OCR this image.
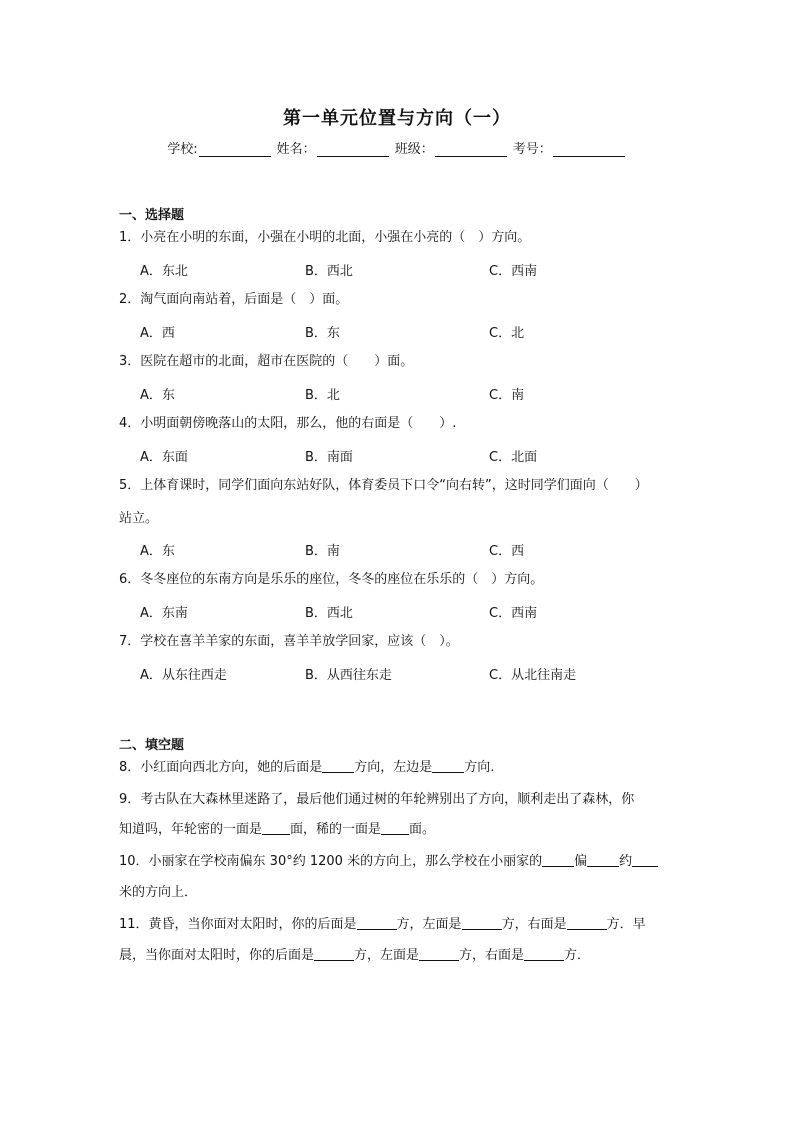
第一单元位置与方向（一）
学校:	姓名：	班级：	考号：
一、选择题
1．小亮在小明的东面，小强在小明的北面，小强在小亮的（　）方向。
A．东北	B．西北	C．西南
2．淘气面向南站着，后面是（　）面。
A．西	B．东	C．北
3．医院在超市的北面，超市在医院的（　　）面。
A．东	B．北	C．南
4．小明面朝傍晚落山的太阳，那么，他的右面是（　　）.
A．东面	B．南面	C．北面
5．上体育课时，同学们面向东站好队，体育委员下口令“向右转”，这时同学们面向（　　）
站立。
A．东	B．南	C．西
6．冬冬座位的东南方向是乐乐的座位，冬冬的座位在乐乐的（　）方向。
A．东南	B．西北	C．西南
7．学校在喜羊羊家的东面，喜羊羊放学回家，应该（　）。
A．从东往西走	B．从西往东走	C．从北往南走
二、填空题
8．小红面向西北方向，她的后面是 方向，左边是 方向.
9．考古队在大森林里迷路了，最后他们通过树的年轮辨别出了方向，顺利走出了森林，你
知道吗，年轮密的一面是 面，稀的一面是 面。
10．小丽家在学校南偏东 30°约 1200 米的方向上，那么学校在小丽家的 偏 约
米的方向上．
11．黄昏，当你面对太阳时，你的后面是	方，左面是	方，右面是	方．早
晨，当你面对太阳时，你的后面是	方，左面是	方，右面是	方．
